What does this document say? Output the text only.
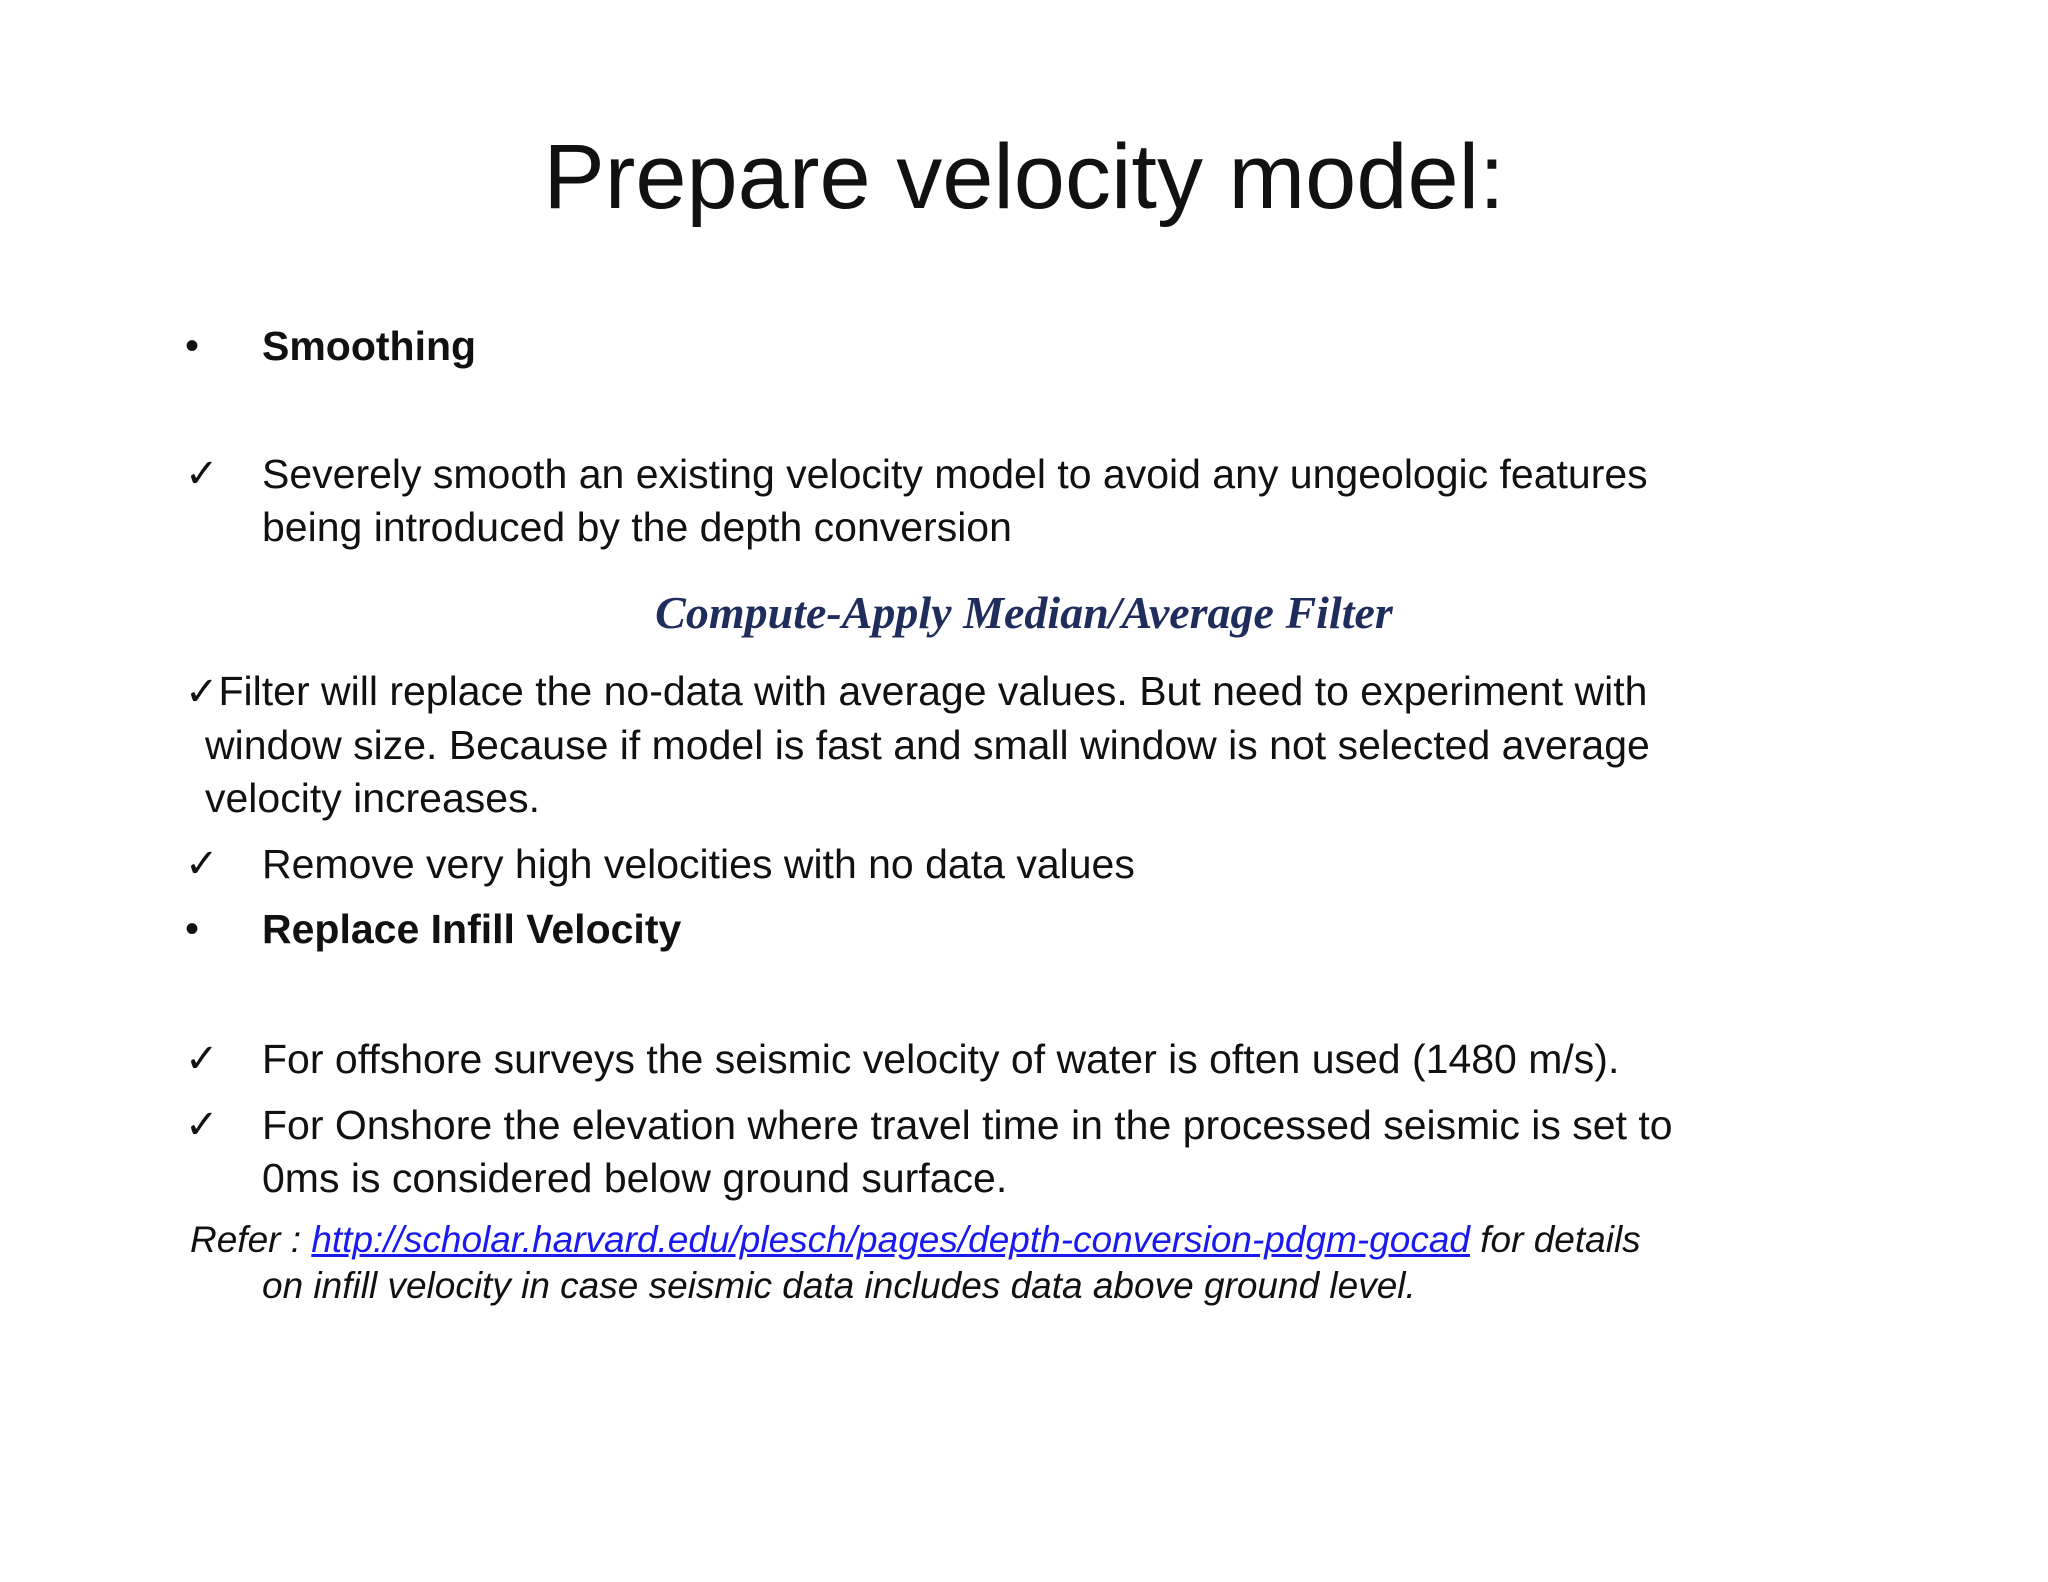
Prepare velocity model:
• Smoothing
✓ Severely smooth an existing velocity model to avoid any ungeologic features
being introduced by the depth conversion
Compute-Apply Median/Average Filter
✓Filter will replace the no-data with average values. But need to experiment with
window size. Because if model is fast and small window is not selected average
velocity increases.
✓ Remove very high velocities with no data values
• Replace Infill Velocity
✓ For offshore surveys the seismic velocity of water is often used (1480 m/s).
✓ For Onshore the elevation where travel time in the processed seismic is set to
0ms is considered below ground surface.
Refer : http://scholar.harvard.edu/plesch/pages/depth-conversion-pdgm-gocad for details
on infill velocity in case seismic data includes data above ground level.
